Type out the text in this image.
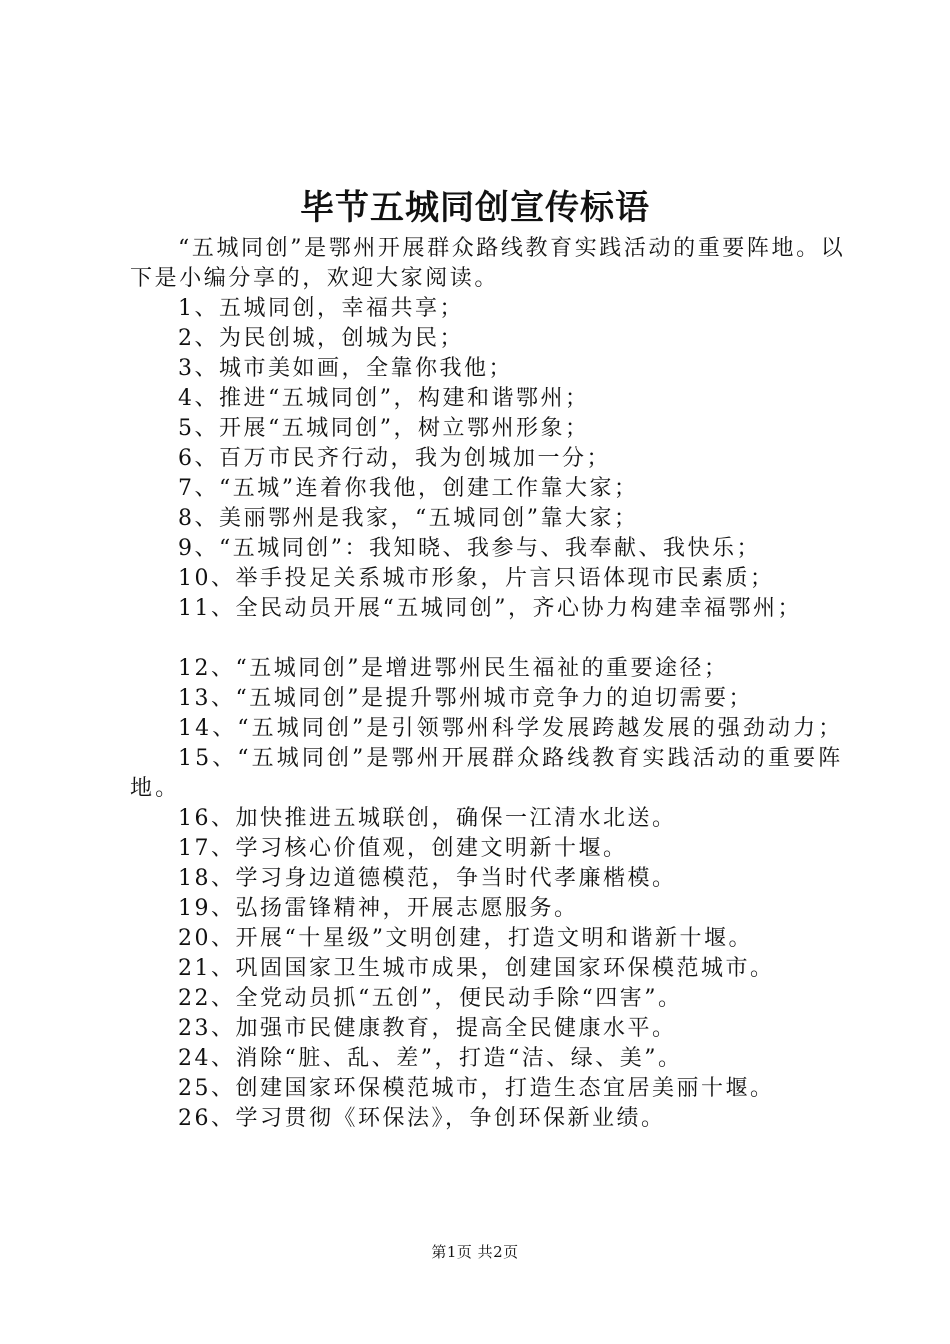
毕节五城同创宣传标语

“五城同创”是鄂州开展群众路线教育实践活动的重要阵地。以下是小编分享的，欢迎大家阅读。

1、五城同创，幸福共享；

2、为民创城，创城为民；

3、城市美如画，全靠你我他；

4、推进“五城同创”，构建和谐鄂州；

5、开展“五城同创”，树立鄂州形象；

6、百万市民齐行动，我为创城加一分；

7、“五城”连着你我他，创建工作靠大家；

8、美丽鄂州是我家，“五城同创”靠大家；

9、“五城同创”：我知晓、我参与、我奉献、我快乐；

10、举手投足关系城市形象，片言只语体现市民素质；

11、全民动员开展“五城同创”，齐心协力构建幸福鄂州；

12、“五城同创”是增进鄂州民生福祉的重要途径；

13、“五城同创”是提升鄂州城市竞争力的迫切需要；

14、“五城同创”是引领鄂州科学发展跨越发展的强劲动力；

15、“五城同创”是鄂州开展群众路线教育实践活动的重要阵地。

16、加快推进五城联创，确保一江清水北送。

17、学习核心价值观，创建文明新十堰。

18、学习身边道德模范，争当时代孝廉楷模。

19、弘扬雷锋精神，开展志愿服务。

20、开展“十星级”文明创建，打造文明和谐新十堰。

21、巩固国家卫生城市成果，创建国家环保模范城市。

22、全党动员抓“五创”，便民动手除“四害”。

23、加强市民健康教育，提高全民健康水平。

24、消除“脏、乱、差”，打造“洁、绿、美”。

25、创建国家环保模范城市，打造生态宜居美丽十堰。

26、学习贯彻《环保法》，争创环保新业绩。

第1页 共2页
